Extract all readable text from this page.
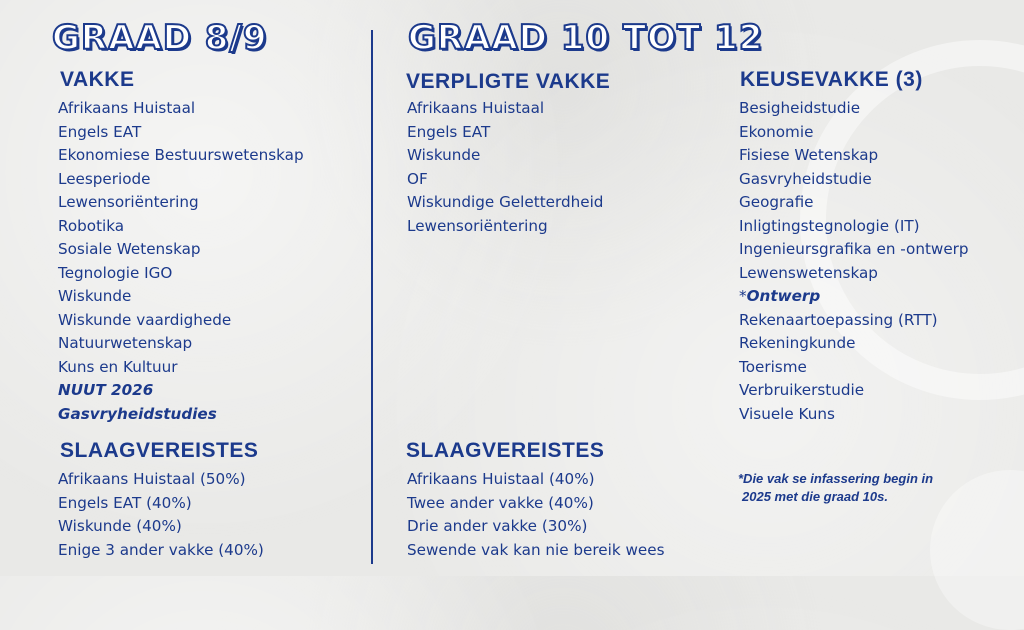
GRAAD 8/9
VAKKE
Afrikaans Huistaal
Engels EAT
Ekonomiese Bestuurswetenskap
Leesperiode
Lewensoriëntering
Robotika
Sosiale Wetenskap
Tegnologie IGO
Wiskunde
Wiskunde vaardighede
Natuurwetenskap
Kuns en Kultuur
NUUT 2026
Gasvryheidstudies
SLAAGVEREISTES
Afrikaans Huistaal (50%)
Engels EAT (40%)
Wiskunde (40%)
Enige 3 ander vakke (40%)
GRAAD 10 TOT 12
VERPLIGTE VAKKE
Afrikaans Huistaal
Engels EAT
Wiskunde
OF
Wiskundige Geletterdheid
Lewensoriëntering
KEUSEVAKKE (3)
Besigheidstudie
Ekonomie
Fisiese Wetenskap
Gasvryheidstudie
Geografie
Inligtingstegnologie (IT)
Ingenieursgrafika en -ontwerp
Lewenswetenskap
*Ontwerp
Rekenaartoepassing (RTT)
Rekeningkunde
Toerisme
Verbruikerstudie
Visuele Kuns
SLAAGVEREISTES
Afrikaans Huistaal (40%)
Twee ander vakke (40%)
Drie ander vakke (30%)
Sewende vak kan nie bereik wees

*Die vak se infassering begin in
2025 met die graad 10s.
